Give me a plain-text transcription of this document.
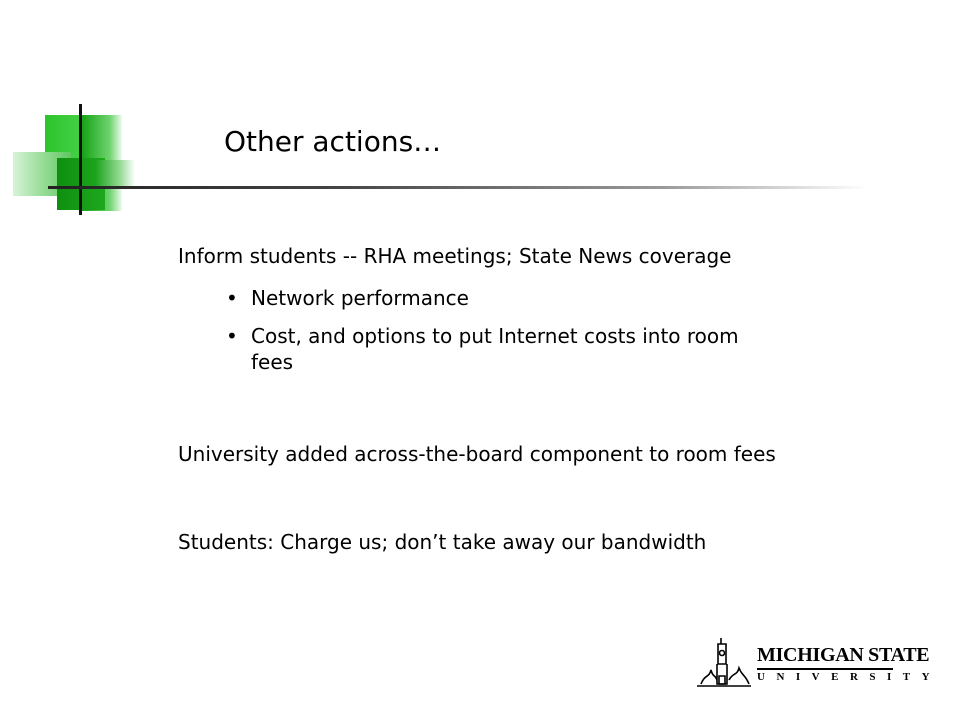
Other actions…
Inform students -- RHA meetings; State News coverage
• Network performance
• Cost, and options to put Internet costs into room fees
University added across-the-board component to room fees
Students: Charge us; don’t take away our bandwidth
MICHIGAN STATE
UNIVERSITY
